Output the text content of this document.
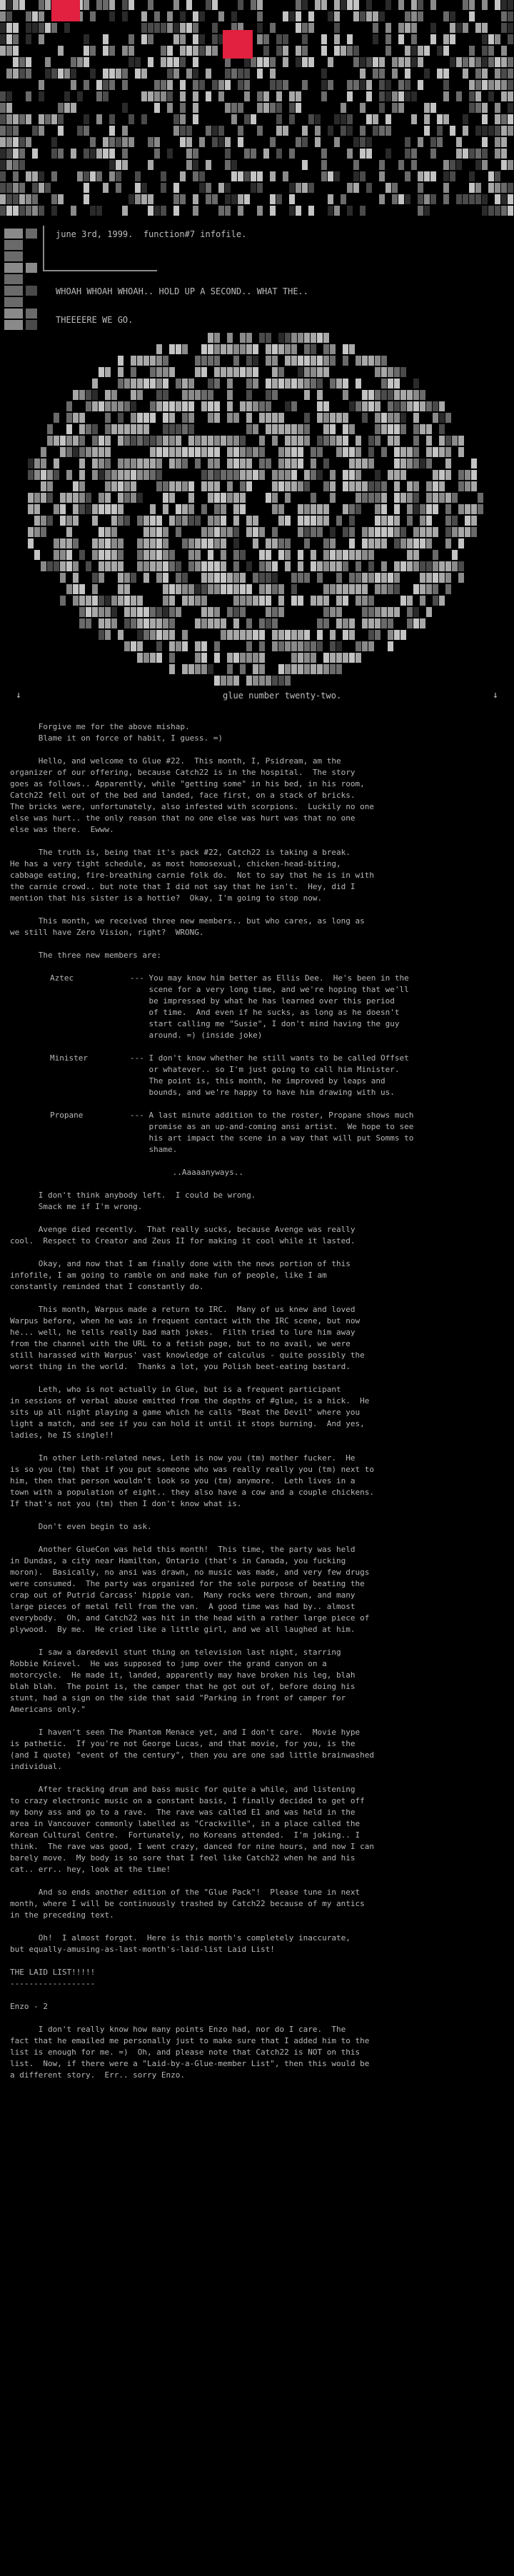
june 3rd, 1999.  function#7 infofile.
WHOAH WHOAH WHOAH.. HOLD UP A SECOND.. WHAT THE..
THEEEERE WE GO.
↓	glue number twenty-two.	↓
Forgive me for the above mishap.
Blame it on force of habit, I guess. =)
Hello, and welcome to Glue #22.  This month, I, Psidream, am the
organizer of our offering, because Catch22 is in the hospital.  The story
goes as follows.. Apparently, while "getting some" in his bed, in his room,
Catch22 fell out of the bed and landed, face first, on a stack of bricks.
The bricks were, unfortunately, also infested with scorpions.  Luckily no one
else was hurt.. the only reason that no one else was hurt was that no one
else was there.  Ewww.
The truth is, being that it's pack #22, Catch22 is taking a break.
He has a very tight schedule, as most homosexual, chicken-head-biting,
cabbage eating, fire-breathing carnie folk do.  Not to say that he is in with
the carnie crowd.. but note that I did not say that he isn't.  Hey, did I
mention that his sister is a hottie?  Okay, I'm going to stop now.
This month, we received three new members.. but who cares, as long as
we still have Zero Vision, right?  WRONG.
The three new members are:
Aztec	--- You may know him better as Ellis Dee.  He's been in the
scene for a very long time, and we're hoping that we'll
be impressed by what he has learned over this period
of time.  And even if he sucks, as long as he doesn't
start calling me "Susie", I don't mind having the guy
around. =) (inside joke)
Minister	--- I don't know whether he still wants to be called Offset
or whatever.. so I'm just going to call him Minister.
The point is, this month, he improved by leaps and
bounds, and we're happy to have him drawing with us.
Propane	--- A last minute addition to the roster, Propane shows much
promise as an up-and-coming ansi artist.  We hope to see
his art impact the scene in a way that will put Somms to
shame.

..Aaaaanyways..
I don't think anybody left.  I could be wrong.
Smack me if I'm wrong.
Avenge died recently.  That really sucks, because Avenge was really
cool.  Respect to Creator and Zeus II for making it cool while it lasted.
Okay, and now that I am finally done with the news portion of this
infofile, I am going to ramble on and make fun of people, like I am
constantly reminded that I constantly do.
This month, Warpus made a return to IRC.  Many of us knew and loved
Warpus before, when he was in frequent contact with the IRC scene, but now
he... well, he tells really bad math jokes.  Filth tried to lure him away
from the channel with the URL to a fetish page, but to no avail, we were
still harassed with Warpus' vast knowledge of calculus - quite possibly the
worst thing in the world.  Thanks a lot, you Polish beet-eating bastard.
Leth, who is not actually in Glue, but is a frequent participant
in sessions of verbal abuse emitted from the depths of #glue, is a hick.  He
sits up all night playing a game which he calls "Beat the Devil" where you
light a match, and see if you can hold it until it stops burning.  And yes,
ladies, he IS single!!
In other Leth-related news, Leth is now you (tm) mother fucker.  He
is so you (tm) that if you put someone who was really really you (tm) next to
him, then that person wouldn't look so you (tm) anymore.  Leth lives in a
town with a population of eight.. they also have a cow and a couple chickens.
If that's not you (tm) then I don't know what is.
Don't even begin to ask.
Another GlueCon was held this month!  This time, the party was held
in Dundas, a city near Hamilton, Ontario (that's in Canada, you fucking
moron).  Basically, no ansi was drawn, no music was made, and very few drugs
were consumed.  The party was organized for the sole purpose of beating the
crap out of Putrid Carcass' hippie van.  Many rocks were thrown, and many
large pieces of metal fell from the van.  A good time was had by.. almost
everybody.  Oh, and Catch22 was hit in the head with a rather large piece of
plywood.  By me.  He cried like a little girl, and we all laughed at him.
I saw a daredevil stunt thing on television last night, starring
Robbie Knievel.  He was supposed to jump over the grand canyon on a
motorcycle.  He made it, landed, apparently may have broken his leg, blah
blah blah.  The point is, the camper that he got out of, before doing his
stunt, had a sign on the side that said "Parking in front of camper for
Americans only."
I haven't seen The Phantom Menace yet, and I don't care.  Movie hype
is pathetic.  If you're not George Lucas, and that movie, for you, is the
(and I quote) "event of the century", then you are one sad little brainwashed
individual.
After tracking drum and bass music for quite a while, and listening
to crazy electronic music on a constant basis, I finally decided to get off
my bony ass and go to a rave.  The rave was called E1 and was held in the
area in Vancouver commonly labelled as "Crackville", in a place called the
Korean Cultural Centre.  Fortunately, no Koreans attended.  I'm joking.. I
think.  The rave was good, I went crazy, danced for nine hours, and now I can
barely move.  My body is so sore that I feel like Catch22 when he and his
cat.. err.. hey, look at the time!
And so ends another edition of the "Glue Pack"!  Please tune in next
month, where I will be continuously trashed by Catch22 because of my antics
in the preceding text.
Oh!  I almost forgot.  Here is this month's completely inaccurate,
but equally-amusing-as-last-month's-laid-list Laid List!
THE LAID LIST!!!!!
------------------
Enzo - 2
I don't really know how many points Enzo had, nor do I care.  The
fact that he emailed me personally just to make sure that I added him to the
list is enough for me. =)  Oh, and please note that Catch22 is NOT on this
list.  Now, if there were a "Laid-by-a-Glue-member List", then this would be
a different story.  Err.. sorry Enzo.
